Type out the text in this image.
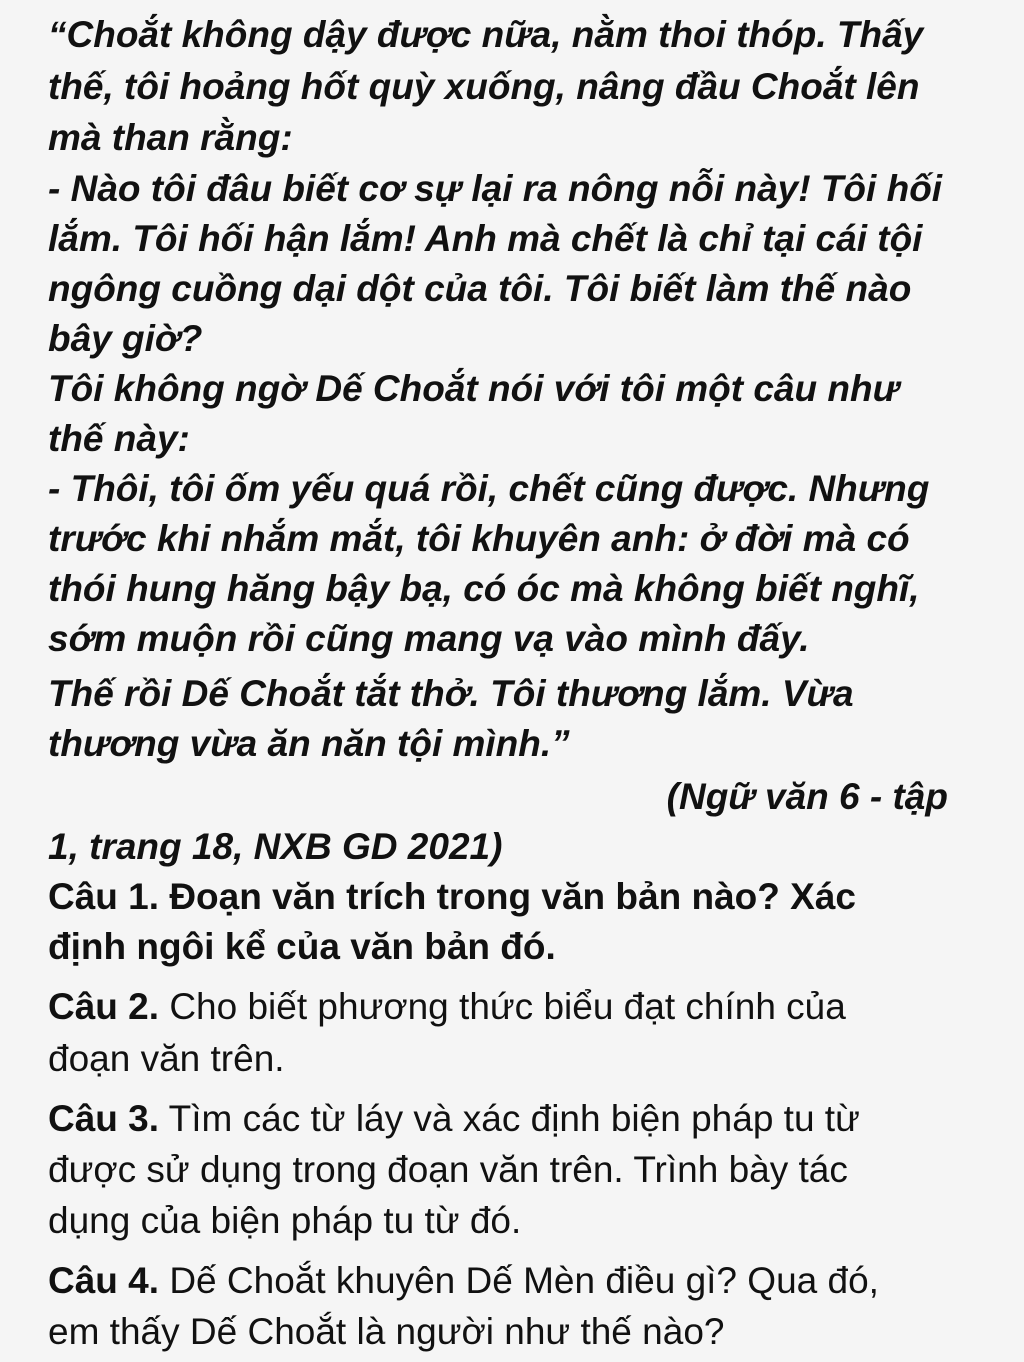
“Choắt không dậy được nữa, nằm thoi thóp. Thấy
thế, tôi hoảng hốt quỳ xuống, nâng đầu Choắt lên
mà than rằng:
- Nào tôi đâu biết cơ sự lại ra nông nỗi này! Tôi hối
lắm. Tôi hối hận lắm! Anh mà chết là chỉ tại cái tội
ngông cuồng dại dột của tôi. Tôi biết làm thế nào
bây giờ?
Tôi không ngờ Dế Choắt nói với tôi một câu như
thế này:
- Thôi, tôi ốm yếu quá rồi, chết cũng được. Nhưng
trước khi nhắm mắt, tôi khuyên anh: ở đời mà có
thói hung hăng bậy bạ, có óc mà không biết nghĩ,
sớm muộn rồi cũng mang vạ vào mình đấy.
Thế rồi Dế Choắt tắt thở. Tôi thương lắm. Vừa
thương vừa ăn năn tội mình.”
(Ngữ văn 6 - tập
1, trang 18, NXB GD 2021)
Câu 1. Đoạn văn trích trong văn bản nào? Xác
định ngôi kể của văn bản đó.
Câu 2. Cho biết phương thức biểu đạt chính của
đoạn văn trên.
Câu 3. Tìm các từ láy và xác định biện pháp tu từ
được sử dụng trong đoạn văn trên. Trình bày tác
dụng của biện pháp tu từ đó.
Câu 4. Dế Choắt khuyên Dế Mèn điều gì? Qua đó,
em thấy Dế Choắt là người như thế nào?
